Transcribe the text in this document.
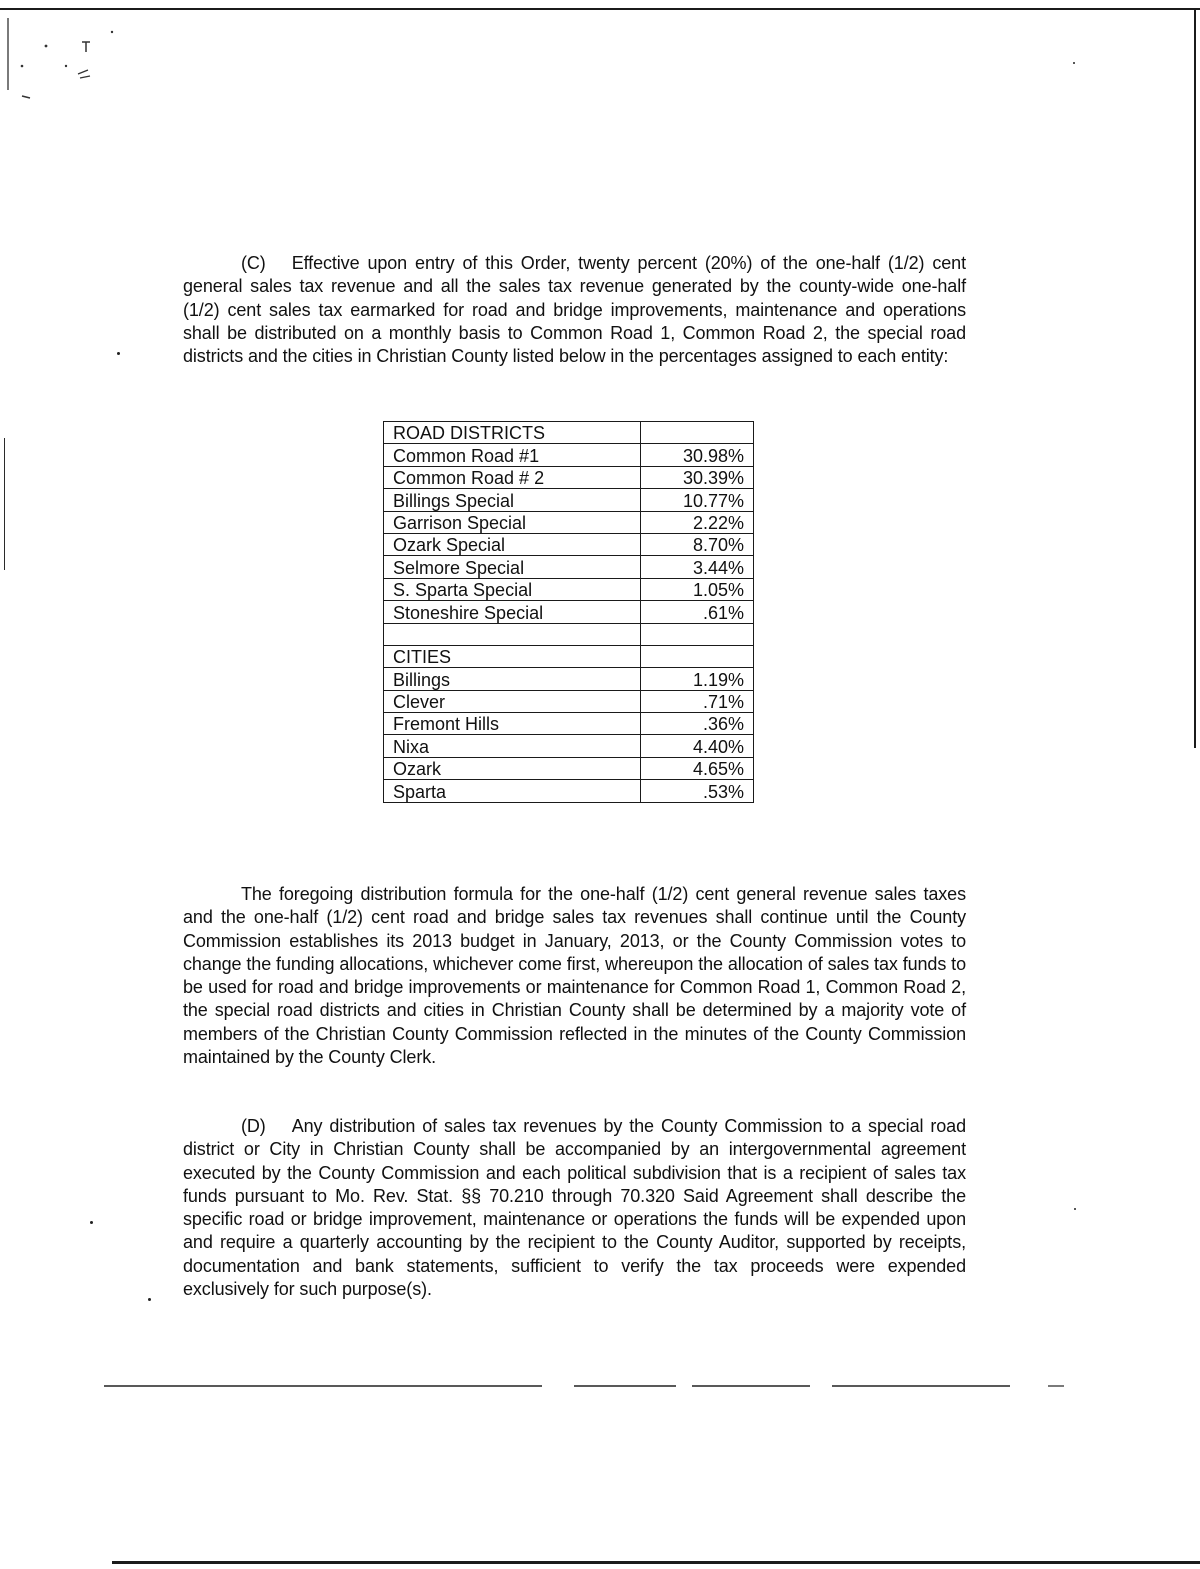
(C) Effective upon entry of this Order, twenty percent (20%) of the one-half (1/2) cent general sales tax revenue and all the sales tax revenue generated by the county-wide one-half (1/2) cent sales tax earmarked for road and bridge improvements, maintenance and operations shall be distributed on a monthly basis to Common Road 1, Common Road 2, the special road districts and the cities in Christian County listed below in the percentages assigned to each entity:

ROAD DISTRICTS	
Common Road #1	30.98%
Common Road # 2	30.39%
Billings Special	10.77%
Garrison Special	2.22%
Ozark Special	8.70%
Selmore Special	3.44%
S. Sparta Special	1.05%
Stoneshire Special	.61%

CITIES	
Billings	1.19%
Clever	.71%
Fremont Hills	.36%
Nixa	4.40%
Ozark	4.65%
Sparta	.53%

The foregoing distribution formula for the one-half (1/2) cent general revenue sales taxes and the one-half (1/2) cent road and bridge sales tax revenues shall continue until the County Commission establishes its 2013 budget in January, 2013, or the County Commission votes to change the funding allocations, whichever come first, whereupon the allocation of sales tax funds to be used for road and bridge improvements or maintenance for Common Road 1, Common Road 2, the special road districts and cities in Christian County shall be determined by a majority vote of members of the Christian County Commission reflected in the minutes of the County Commission maintained by the County Clerk.

(D) Any distribution of sales tax revenues by the County Commission to a special road district or City in Christian County shall be accompanied by an intergovernmental agreement executed by the County Commission and each political subdivision that is a recipient of sales tax funds pursuant to Mo. Rev. Stat. §§ 70.210 through 70.320 Said Agreement shall describe the specific road or bridge improvement, maintenance or operations the funds will be expended upon and require a quarterly accounting by the recipient to the County Auditor, supported by receipts, documentation and bank statements, sufficient to verify the tax proceeds were expended exclusively for such purpose(s).
